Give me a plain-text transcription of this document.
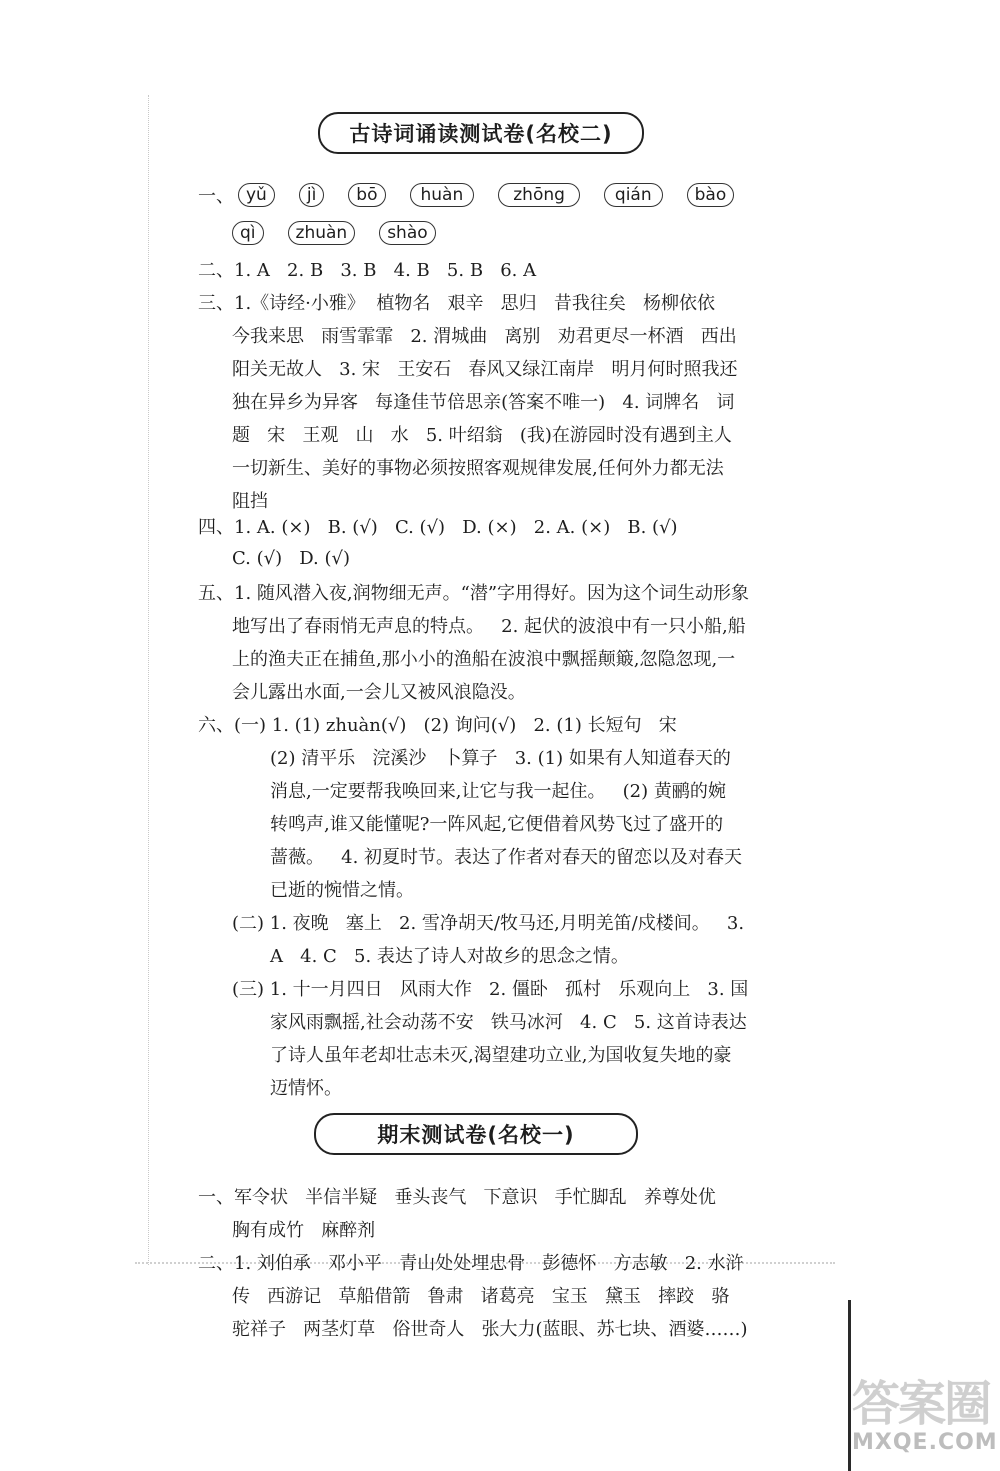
古诗词诵读测试卷(名校二)
一、 yǔ	jì	bō	huàn	zhōng	qián	bào
qì	zhuàn	shào
二、1. A   2. B   3. B   4. B   5. B   6. A
三、1.《诗经·小雅》  植物名   艰辛   思归   昔我往矣   杨柳依依
今我来思   雨雪霏霏   2. 渭城曲   离别   劝君更尽一杯酒   西出
阳关无故人   3. 宋   王安石   春风又绿江南岸   明月何时照我还
独在异乡为异客   每逢佳节倍思亲(答案不唯一)   4. 词牌名   词
题   宋   王观   山   水   5. 叶绍翁   (我)在游园时没有遇到主人
一切新生、美好的事物必须按照客观规律发展,任何外力都无法
阻挡
四、1. A. (×)   B. (√)   C. (√)   D. (×)   2. A. (×)   B. (√)
C. (√)   D. (√)
五、1. 随风潜入夜,润物细无声。“潜”字用得好。因为这个词生动形象
地写出了春雨悄无声息的特点。   2. 起伏的波浪中有一只小船,船
上的渔夫正在捕鱼,那小小的渔船在波浪中飘摇颠簸,忽隐忽现,一
会儿露出水面,一会儿又被风浪隐没。
六、(一) 1. (1) zhuàn(√)   (2) 询问(√)   2. (1) 长短句   宋
(2) 清平乐   浣溪沙   卜算子   3. (1) 如果有人知道春天的
消息,一定要帮我唤回来,让它与我一起住。   (2) 黄鹂的婉
转鸣声,谁又能懂呢?一阵风起,它便借着风势飞过了盛开的
蔷薇。   4. 初夏时节。表达了作者对春天的留恋以及对春天
已逝的惋惜之情。
(二) 1. 夜晚   塞上   2. 雪净胡天/牧马还,月明羌笛/戍楼间。   3.
A   4. C   5. 表达了诗人对故乡的思念之情。
(三) 1. 十一月四日   风雨大作   2. 僵卧   孤村   乐观向上   3. 国
家风雨飘摇,社会动荡不安   铁马冰河   4. C   5. 这首诗表达
了诗人虽年老却壮志未灭,渴望建功立业,为国收复失地的豪
迈情怀。
期末测试卷(名校一)
一、军令状   半信半疑   垂头丧气   下意识   手忙脚乱   养尊处优
胸有成竹   麻醉剂
二、1. 刘伯承   邓小平   青山处处埋忠骨   彭德怀   方志敏   2. 水浒
传   西游记   草船借箭   鲁肃   诸葛亮   宝玉   黛玉   摔跤   骆
驼祥子   两茎灯草   俗世奇人   张大力(蓝眼、苏七块、酒婆……)
答案圈
MXQE.COM
